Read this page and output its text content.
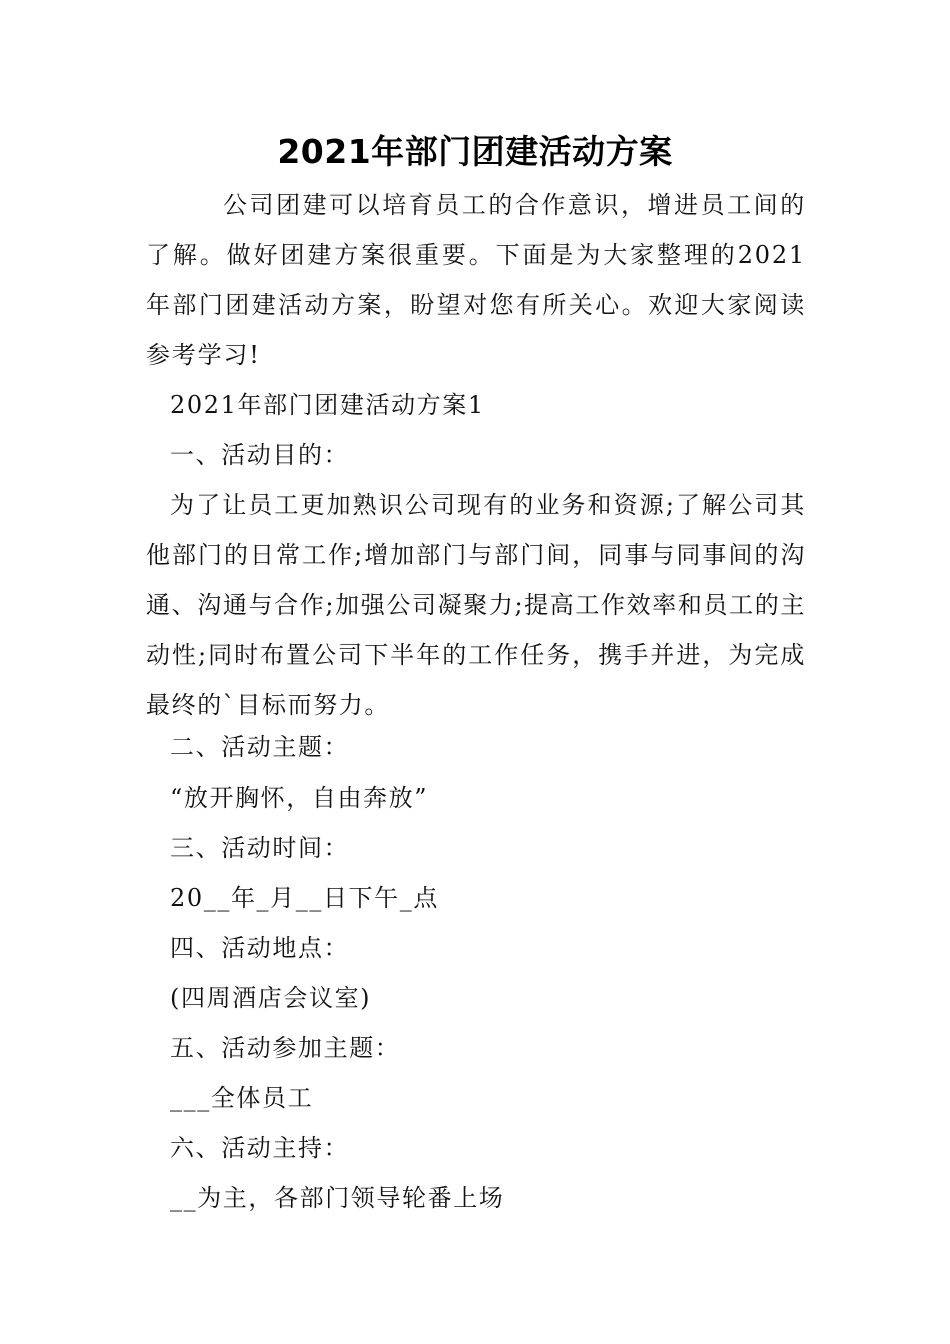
2021年部门团建活动方案
公司团建可以培育员工的合作意识，增进员工间的了解。做好团建方案很重要。下面是为大家整理的2021年部门团建活动方案，盼望对您有所关心。欢迎大家阅读参考学习!
2021年部门团建活动方案1
一、活动目的：
为了让员工更加熟识公司现有的业务和资源;了解公司其他部门的日常工作;增加部门与部门间，同事与同事间的沟通、沟通与合作;加强公司凝聚力;提高工作效率和员工的主动性;同时布置公司下半年的工作任务，携手并进，为完成最终的`目标而努力。
二、活动主题：
“放开胸怀，自由奔放”
三、活动时间：
20__年_月__日下午_点
四、活动地点：
(四周酒店会议室)
五、活动参加主题：
___全体员工
六、活动主持：
__为主，各部门领导轮番上场
